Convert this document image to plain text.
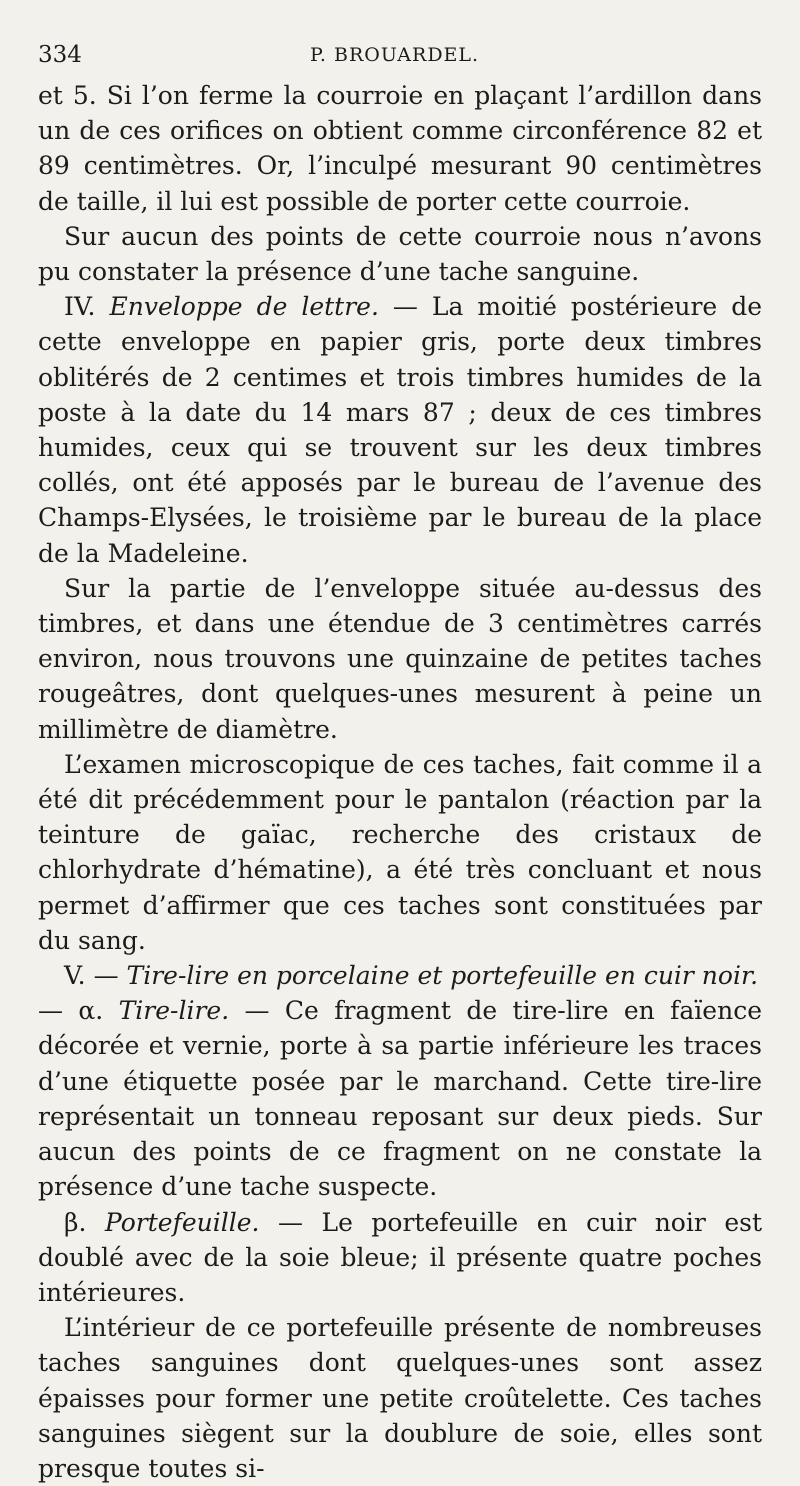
334	P. BROUARDEL.

et 5. Si l’on ferme la courroie en plaçant l’ardillon dans un de ces orifices on obtient comme circonférence 82 et 89 centimètres. Or, l’inculpé mesurant 90 centimètres de taille, il lui est possible de porter cette courroie.

Sur aucun des points de cette courroie nous n’avons pu constater la présence d’une tache sanguine.

IV. Enveloppe de lettre. — La moitié postérieure de cette enveloppe en papier gris, porte deux timbres oblitérés de 2 centimes et trois timbres humides de la poste à la date du 14 mars 87 ; deux de ces timbres humides, ceux qui se trouvent sur les deux timbres collés, ont été apposés par le bureau de l’avenue des Champs-Elysées, le troisième par le bureau de la place de la Madeleine.

Sur la partie de l’enveloppe située au-dessus des timbres, et dans une étendue de 3 centimètres carrés environ, nous trouvons une quinzaine de petites taches rougeâtres, dont quelques-unes mesurent à peine un millimètre de diamètre.

L’examen microscopique de ces taches, fait comme il a été dit précédemment pour le pantalon (réaction par la teinture de gaïac, recherche des cristaux de chlorhydrate d’hématine), a été très concluant et nous permet d’affirmer que ces taches sont constituées par du sang.

V. — Tire-lire en porcelaine et portefeuille en cuir noir.

— α. Tire-lire. — Ce fragment de tire-lire en faïence décorée et vernie, porte à sa partie inférieure les traces d’une étiquette posée par le marchand. Cette tire-lire représentait un tonneau reposant sur deux pieds. Sur aucun des points de ce fragment on ne constate la présence d’une tache suspecte.

β. Portefeuille. — Le portefeuille en cuir noir est doublé avec de la soie bleue; il présente quatre poches intérieures.

L’intérieur de ce portefeuille présente de nombreuses taches sanguines dont quelques-unes sont assez épaisses pour former une petite croûtelette. Ces taches sanguines siègent sur la doublure de soie, elles sont presque toutes si-
